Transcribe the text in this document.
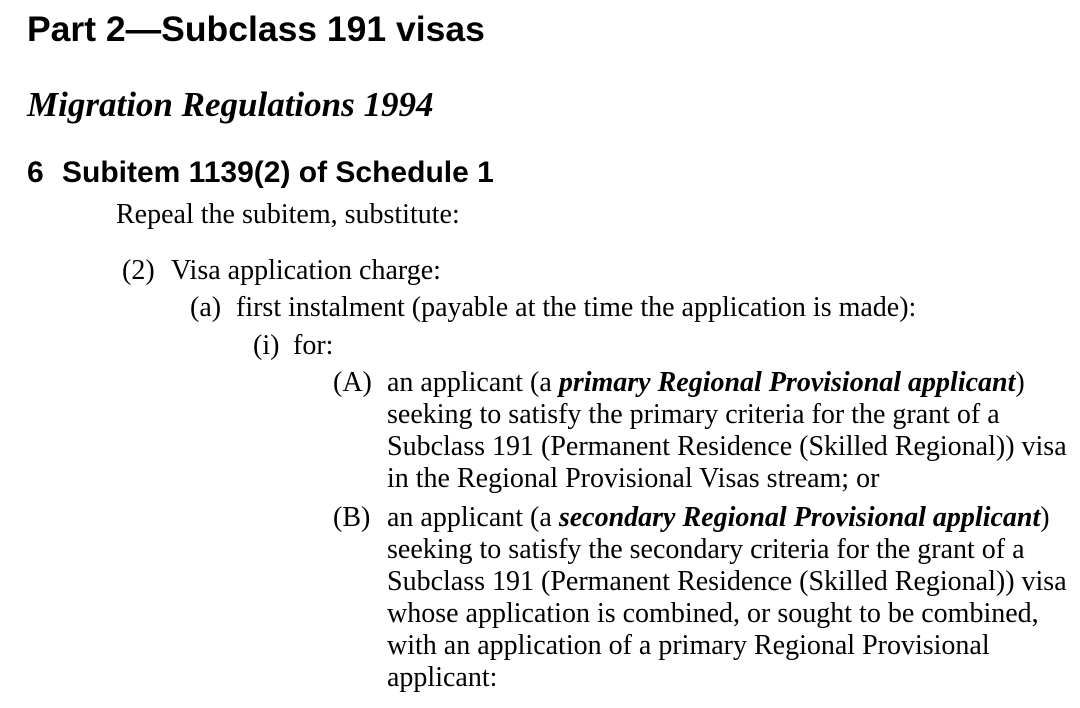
Part 2—Subclass 191 visas
Migration Regulations 1994
6 Subitem 1139(2) of Schedule 1
Repeal the subitem, substitute:
(2) Visa application charge:
(a) first instalment (payable at the time the application is made):
(i) for:
(A) an applicant (a primary Regional Provisional applicant)
seeking to satisfy the primary criteria for the grant of a
Subclass 191 (Permanent Residence (Skilled Regional)) visa
in the Regional Provisional Visas stream; or
(B) an applicant (a secondary Regional Provisional applicant)
seeking to satisfy the secondary criteria for the grant of a
Subclass 191 (Permanent Residence (Skilled Regional)) visa
whose application is combined, or sought to be combined,
with an application of a primary Regional Provisional
applicant:
